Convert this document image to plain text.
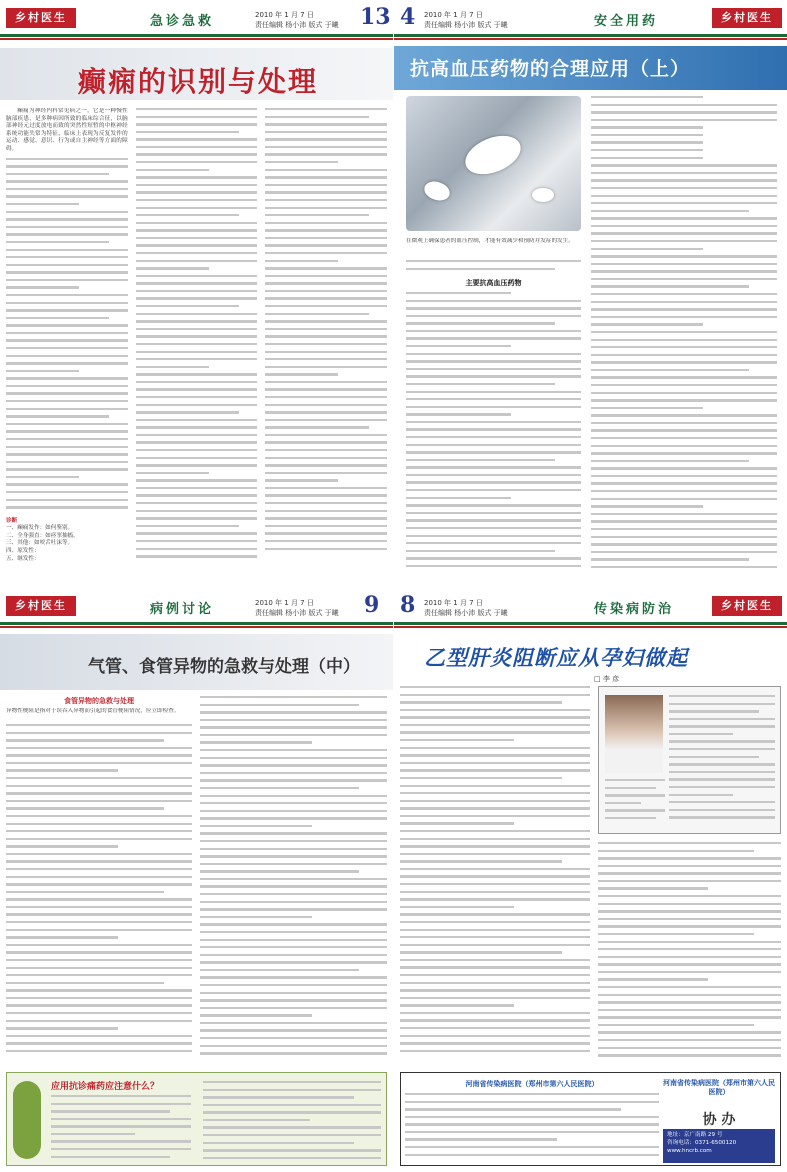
乡村医生	急诊急救	2010 年 1 月 7 日
责任编辑 杨小沛 版式 于曦 13
癫痫的识别与处理

癫痫为神经内科常见病之一，它是一种慢性脑部疾患，是多种病因所致的临床综合征，以脑部神经元过度放电而致的突然性短暂的中枢神经系统功能失常为特征，临床上表现为反复发作的运动、感觉、意识、行为或自主神经等方面的障碍。

诊断
一、癫痫发作：如何鉴别。
二、全身强直：如痉挛抽搐。
三、其他：如咬舌吐沫等。
四、原发性：
五、继发性：
4 2010 年 1 月 7 日
责任编辑 杨小沛 版式 于曦	安全用药	乡村医生
抗高血压药物的合理应用（上）
在微观上确保患者的血压控制，才能有效减少和预防并发症的发生。
主要抗高血压药物
乡村医生	病例讨论	2010 年 1 月 7 日
责任编辑 杨小沛 版式 于曦 9
气管、食管异物的急救与处理（中）
食管异物的急救与处理
异物性梗阻是指对于误吞入异物而引起的食管梗阻情况，应立即检查。
应用抗诊痛药应注意什么？
8 2010 年 1 月 7 日
责任编辑 杨小沛 版式 于曦	传染病防治	乡村医生
乙型肝炎阻断应从孕妇做起
□ 李 彦
河南省传染病医院（郑州市第六人民医院）	河南省传染病医院（郑州市第六人民医院）
协 办
地址：京广南路 29 号
咨询电话：0371-6500120
www.hncrb.com
